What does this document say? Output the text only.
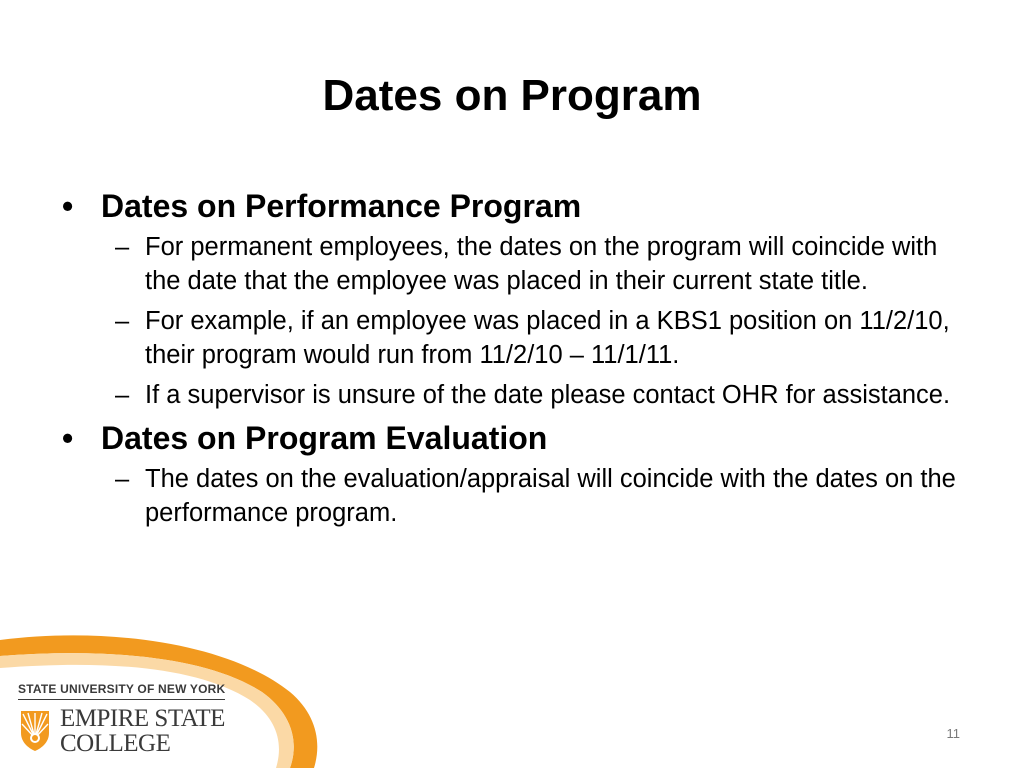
Dates on Program
• Dates on Performance Program
– For permanent employees, the dates on the program will coincide with the date that the employee was placed in their current state title.
– For example, if an employee was placed in a KBS1 position on 11/2/10, their program would run from 11/2/10 – 11/1/11.
– If a supervisor is unsure of the date please contact OHR for assistance.
• Dates on Program Evaluation
– The dates on the evaluation/appraisal will coincide with the dates on the performance program.
STATE UNIVERSITY OF NEW YORK
EMPIRE STATE
COLLEGE	11
